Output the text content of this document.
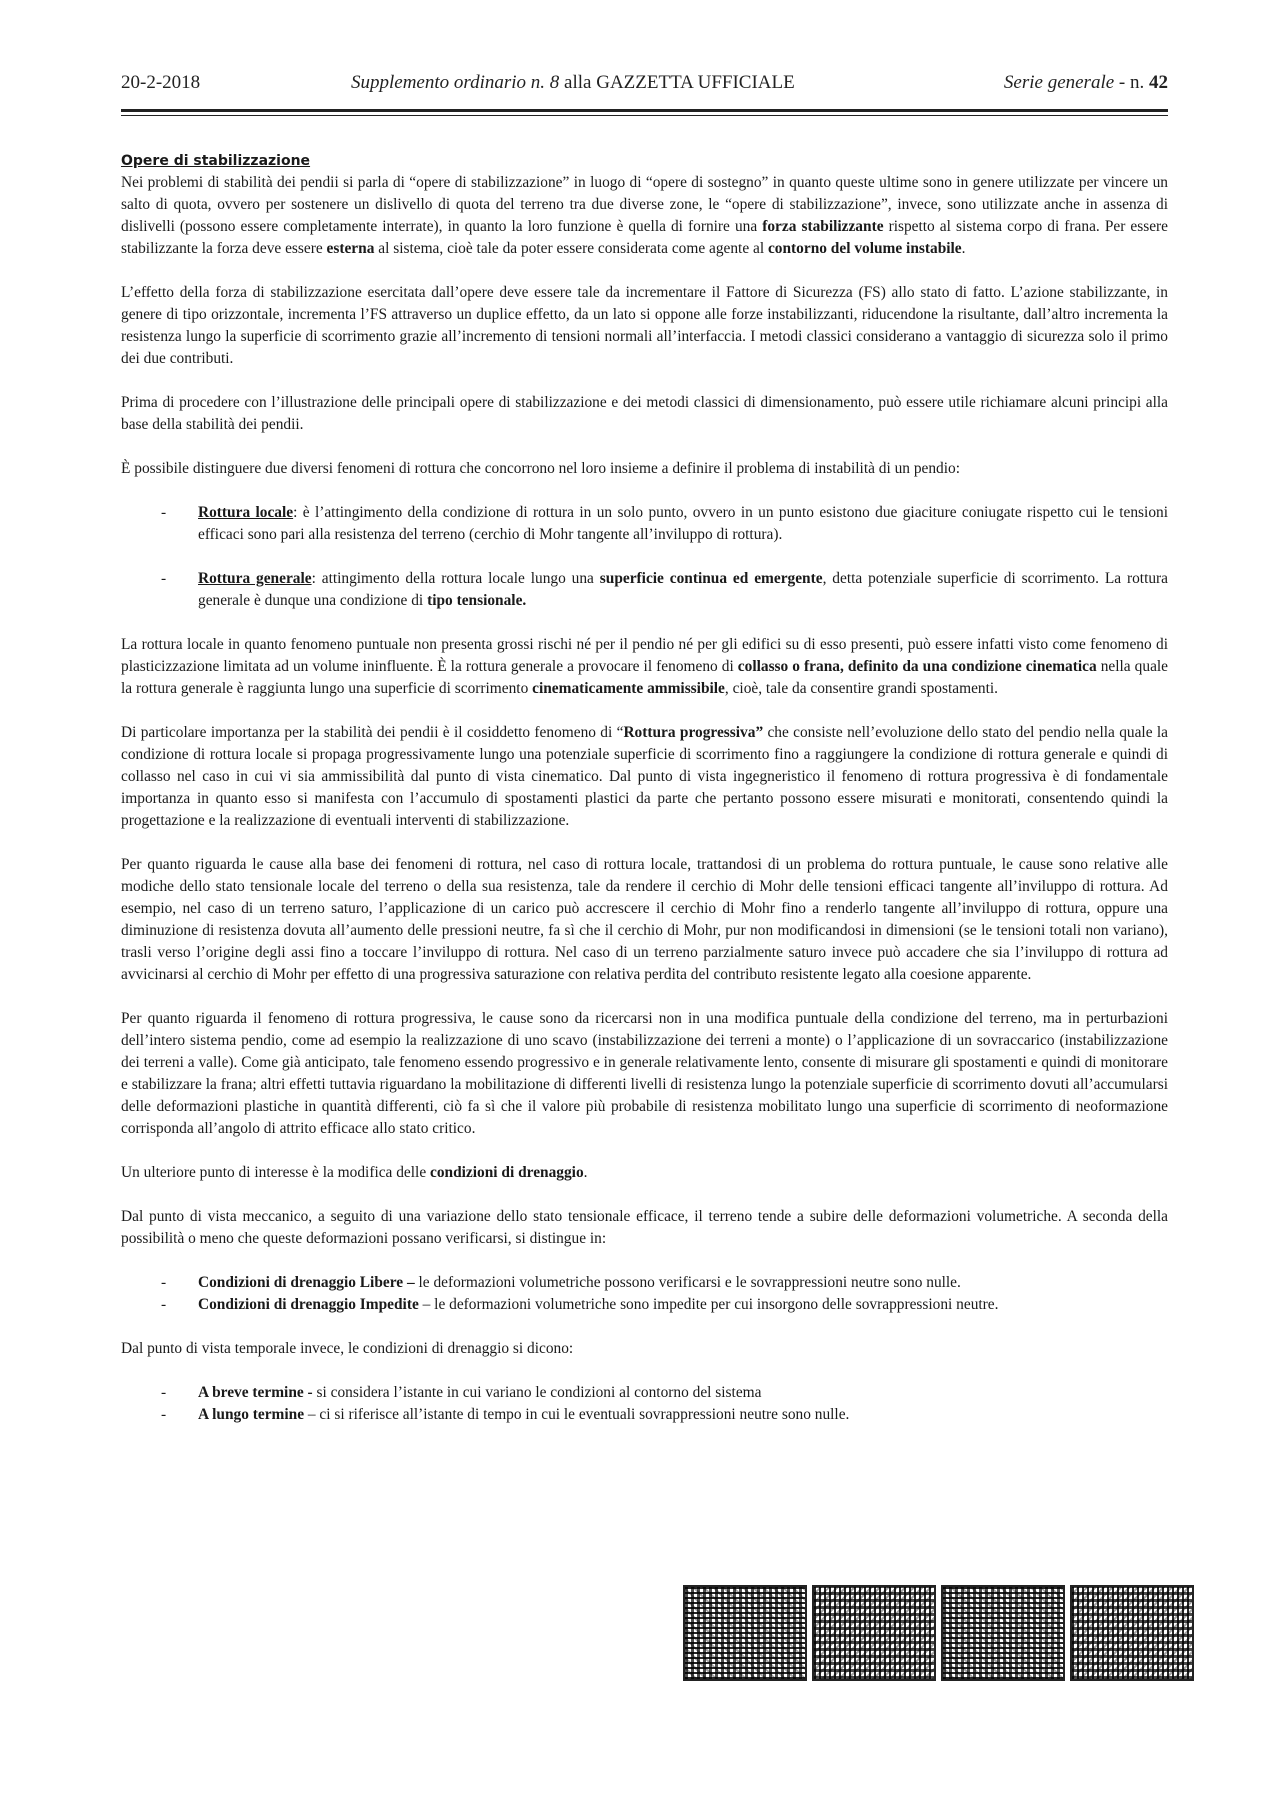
20-2-2018	Supplemento ordinario n. 8 alla GAZZETTA UFFICIALE	Serie generale - n. 42
Opere di stabilizzazione

Nei problemi di stabilità dei pendii si parla di “opere di stabilizzazione” in luogo di “opere di sostegno” in quanto queste ultime sono in genere utilizzate per vincere un salto di quota, ovvero per sostenere un dislivello di quota del terreno tra due diverse zone, le “opere di stabilizzazione”, invece, sono utilizzate anche in assenza di dislivelli (possono essere completamente interrate), in quanto la loro funzione è quella di fornire una forza stabilizzante rispetto al sistema corpo di frana. Per essere stabilizzante la forza deve essere esterna al sistema, cioè tale da poter essere considerata come agente al contorno del volume instabile.

L’effetto della forza di stabilizzazione esercitata dall’opere deve essere tale da incrementare il Fattore di Sicurezza (FS) allo stato di fatto. L’azione stabilizzante, in genere di tipo orizzontale, incrementa l’FS attraverso un duplice effetto, da un lato si oppone alle forze instabilizzanti, riducendone la risultante, dall’altro incrementa la resistenza lungo la superficie di scorrimento grazie all’incremento di tensioni normali all’interfaccia. I metodi classici considerano a vantaggio di sicurezza solo il primo dei due contributi.

Prima di procedere con l’illustrazione delle principali opere di stabilizzazione e dei metodi classici di dimensionamento, può essere utile richiamare alcuni principi alla base della stabilità dei pendii.

È possibile distinguere due diversi fenomeni di rottura che concorrono nel loro insieme a definire il problema di instabilità di un pendio:

- Rottura locale: è l’attingimento della condizione di rottura in un solo punto, ovvero in un punto esistono due giaciture coniugate rispetto cui le tensioni efficaci sono pari alla resistenza del terreno (cerchio di Mohr tangente all’inviluppo di rottura).
- Rottura generale: attingimento della rottura locale lungo una superficie continua ed emergente, detta potenziale superficie di scorrimento. La rottura generale è dunque una condizione di tipo tensionale.

La rottura locale in quanto fenomeno puntuale non presenta grossi rischi né per il pendio né per gli edifici su di esso presenti, può essere infatti visto come fenomeno di plasticizzazione limitata ad un volume ininfluente. È la rottura generale a provocare il fenomeno di collasso o frana, definito da una condizione cinematica nella quale la rottura generale è raggiunta lungo una superficie di scorrimento cinematicamente ammissibile, cioè, tale da consentire grandi spostamenti.

Di particolare importanza per la stabilità dei pendii è il cosiddetto fenomeno di “Rottura progressiva” che consiste nell’evoluzione dello stato del pendio nella quale la condizione di rottura locale si propaga progressivamente lungo una potenziale superficie di scorrimento fino a raggiungere la condizione di rottura generale e quindi di collasso nel caso in cui vi sia ammissibilità dal punto di vista cinematico. Dal punto di vista ingegneristico il fenomeno di rottura progressiva è di fondamentale importanza in quanto esso si manifesta con l’accumulo di spostamenti plastici da parte che pertanto possono essere misurati e monitorati, consentendo quindi la progettazione e la realizzazione di eventuali interventi di stabilizzazione.

Per quanto riguarda le cause alla base dei fenomeni di rottura, nel caso di rottura locale, trattandosi di un problema do rottura puntuale, le cause sono relative alle modiche dello stato tensionale locale del terreno o della sua resistenza, tale da rendere il cerchio di Mohr delle tensioni efficaci tangente all’inviluppo di rottura. Ad esempio, nel caso di un terreno saturo, l’applicazione di un carico può accrescere il cerchio di Mohr fino a renderlo tangente all’inviluppo di rottura, oppure una diminuzione di resistenza dovuta all’aumento delle pressioni neutre, fa sì che il cerchio di Mohr, pur non modificandosi in dimensioni (se le tensioni totali non variano), trasli verso l’origine degli assi fino a toccare l’inviluppo di rottura. Nel caso di un terreno parzialmente saturo invece può accadere che sia l’inviluppo di rottura ad avvicinarsi al cerchio di Mohr per effetto di una progressiva saturazione con relativa perdita del contributo resistente legato alla coesione apparente.

Per quanto riguarda il fenomeno di rottura progressiva, le cause sono da ricercarsi non in una modifica puntuale della condizione del terreno, ma in perturbazioni dell’intero sistema pendio, come ad esempio la realizzazione di uno scavo (instabilizzazione dei terreni a monte) o l’applicazione di un sovraccarico (instabilizzazione dei terreni a valle). Come già anticipato, tale fenomeno essendo progressivo e in generale relativamente lento, consente di misurare gli spostamenti e quindi di monitorare e stabilizzare la frana; altri effetti tuttavia riguardano la mobilitazione di differenti livelli di resistenza lungo la potenziale superficie di scorrimento dovuti all’accumularsi delle deformazioni plastiche in quantità differenti, ciò fa sì che il valore più probabile di resistenza mobilitato lungo una superficie di scorrimento di neoformazione corrisponda all’angolo di attrito efficace allo stato critico.

Un ulteriore punto di interesse è la modifica delle condizioni di drenaggio.

Dal punto di vista meccanico, a seguito di una variazione dello stato tensionale efficace, il terreno tende a subire delle deformazioni volumetriche. A seconda della possibilità o meno che queste deformazioni possano verificarsi, si distingue in:

- Condizioni di drenaggio Libere – le deformazioni volumetriche possono verificarsi e le sovrappressioni neutre sono nulle.
- Condizioni di drenaggio Impedite – le deformazioni volumetriche sono impedite per cui insorgono delle sovrappressioni neutre.

Dal punto di vista temporale invece, le condizioni di drenaggio si dicono:

- A breve termine - si considera l’istante in cui variano le condizioni al contorno del sistema
- A lungo termine – ci si riferisce all’istante di tempo in cui le eventuali sovrappressioni neutre sono nulle.
